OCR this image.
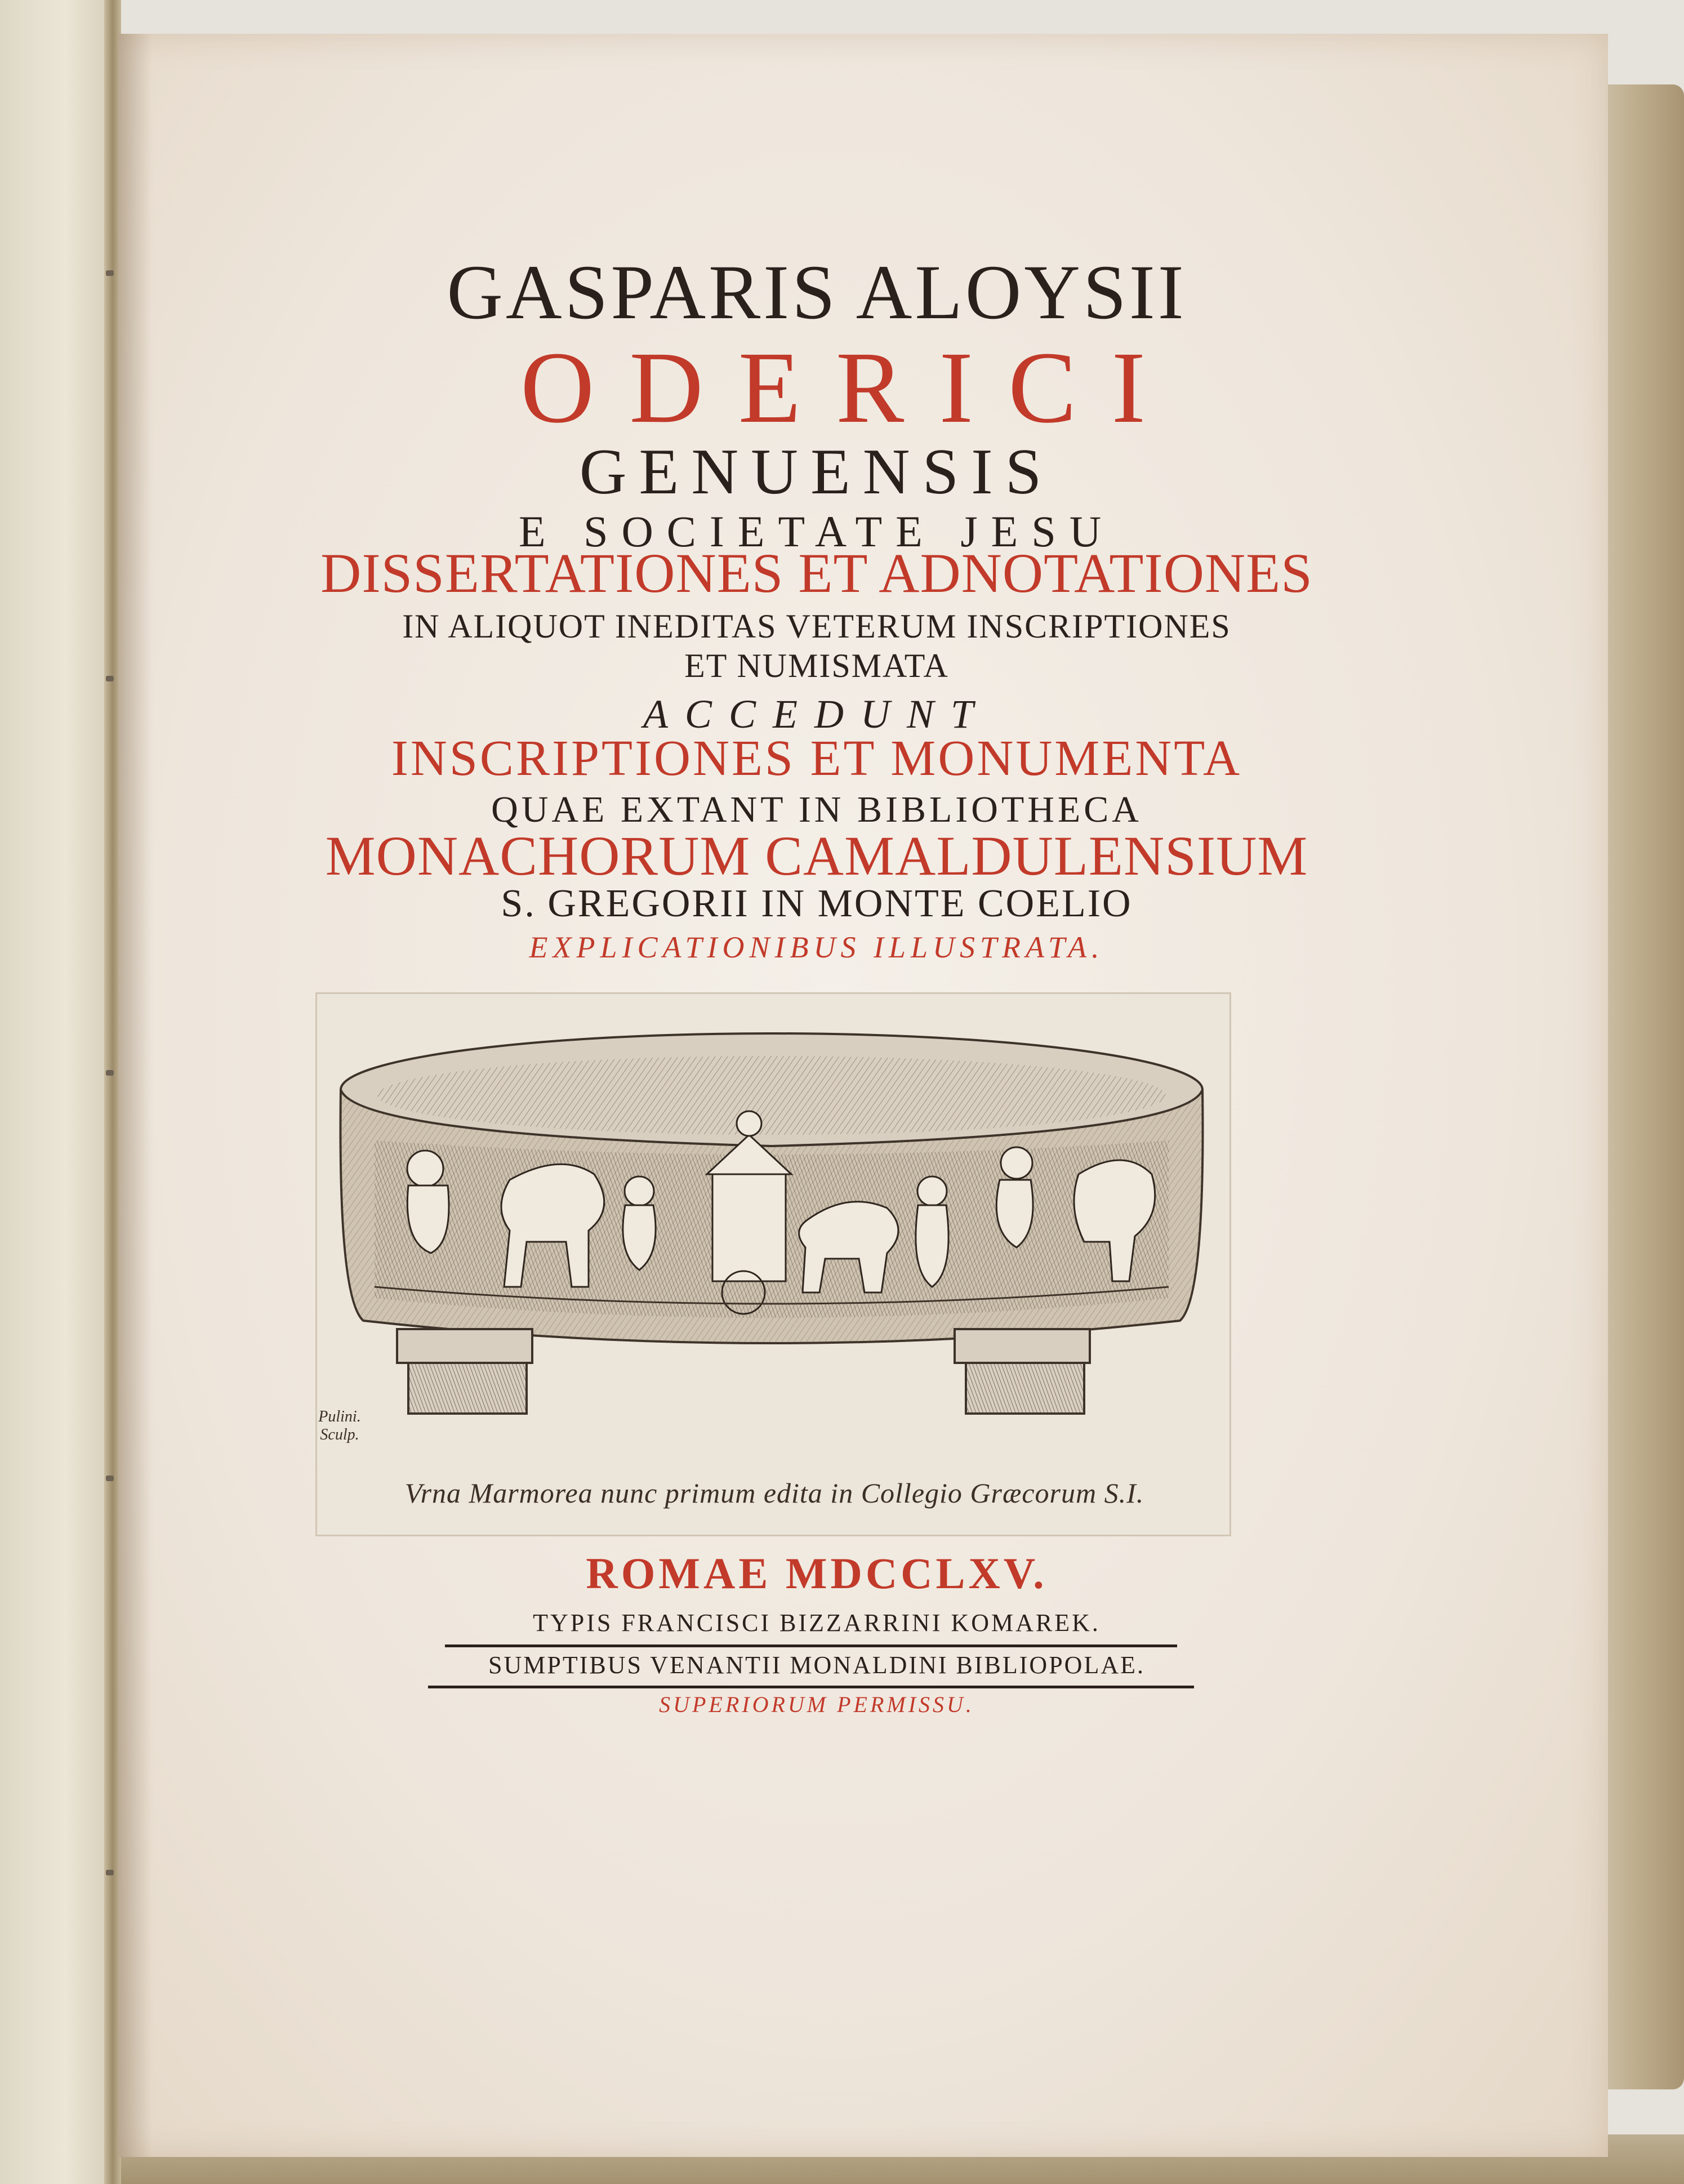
GASPARIS ALOYSII
ODERICI
GENUENSIS
E SOCIETATE JESU
DISSERTATIONES ET ADNOTATIONES
IN ALIQUOT INEDITAS VETERUM INSCRIPTIONES
ET NUMISMATA
ACCEDUNT
INSCRIPTIONES ET MONUMENTA
QUAE EXTANT IN BIBLIOTHECA
MONACHORUM CAMALDULENSIUM
S. GREGORII IN MONTE COELIO
EXPLICATIONIBUS ILLUSTRATA.
Pulini.
Sculp.
Vrna Marmorea nunc primum edita in Collegio Græcorum S.I.
ROMAE MDCCLXV.
TYPIS FRANCISCI BIZZARRINI KOMAREK.
SUMPTIBUS VENANTII MONALDINI BIBLIOPOLAE.
SUPERIORUM PERMISSU.
